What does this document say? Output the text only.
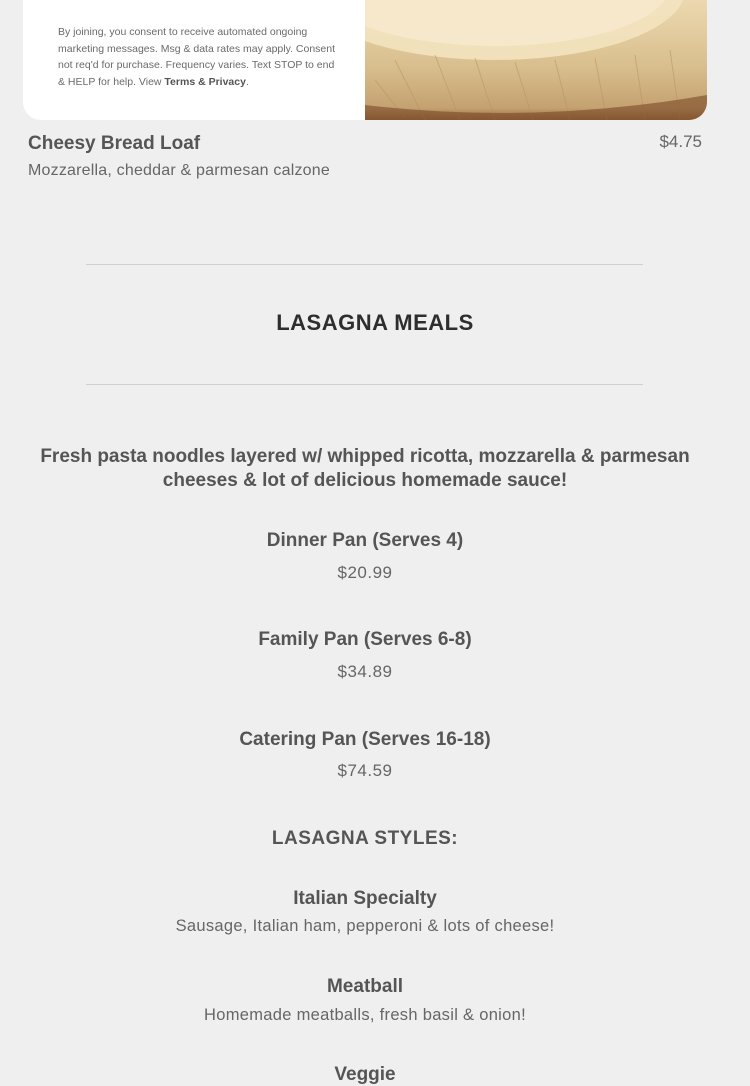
By joining, you consent to receive automated ongoing marketing messages. Msg & data rates may apply. Consent not req'd for purchase. Frequency varies. Text STOP to end & HELP for help. View Terms & Privacy.
Cheesy Bread Loaf
Mozzarella, cheddar & parmesan calzone
$4.75
LASAGNA MEALS
Fresh pasta noodles layered w/ whipped ricotta, mozzarella & parmesan cheeses & lot of delicious homemade sauce!
Dinner Pan (Serves 4)
$20.99
Family Pan (Serves 6-8)
$34.89
Catering Pan (Serves 16-18)
$74.59
LASAGNA STYLES:
Italian Specialty
Sausage, Italian ham, pepperoni & lots of cheese!
Meatball
Homemade meatballs, fresh basil & onion!
Veggie
